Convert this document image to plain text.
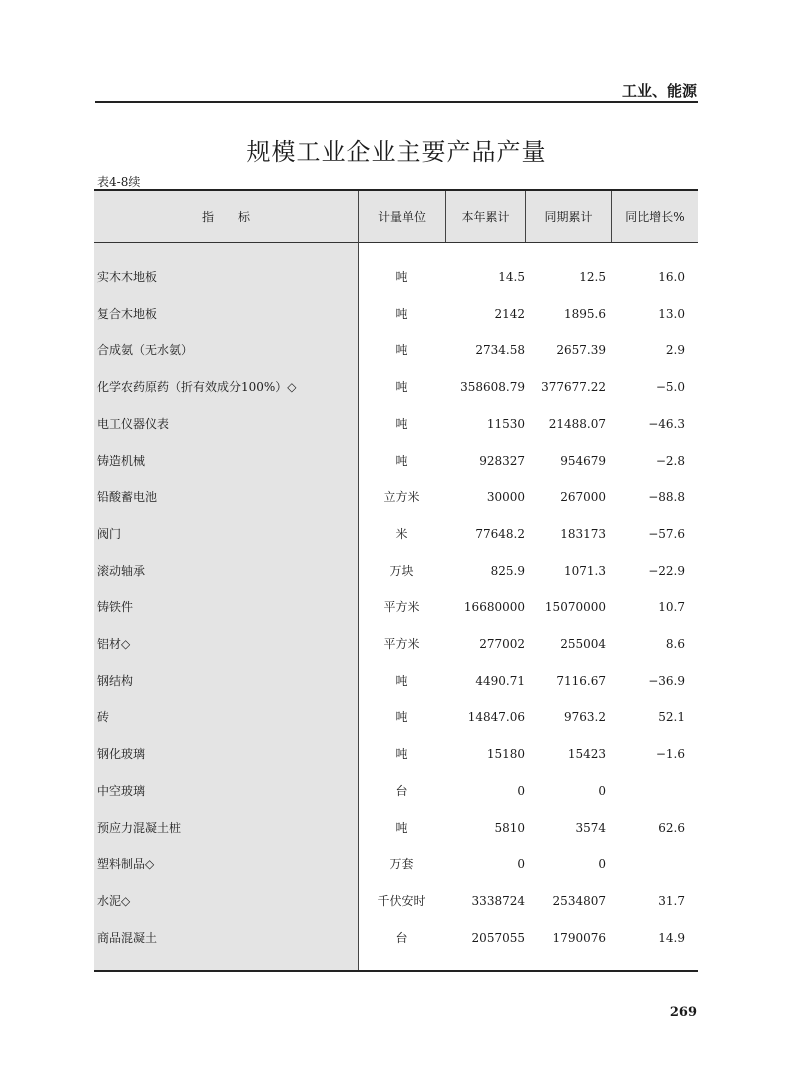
工业、能源
规模工业企业主要产品产量
表4-8续
指　　标	计量单位	本年累计	同期累计	同比增长%
实木木地板	吨	14.5	12.5	16.0
复合木地板	吨	2142	1895.6	13.0
合成氨（无水氨）	吨	2734.58	2657.39	2.9
化学农药原药（折有效成分100%）◇	吨	358608.79	377677.22	−5.0
电工仪器仪表	吨	11530	21488.07	−46.3
铸造机械	吨	928327	954679	−2.8
铅酸蓄电池	立方米	30000	267000	−88.8
阀门	米	77648.2	183173	−57.6
滚动轴承	万块	825.9	1071.3	−22.9
铸铁件	平方米	16680000	15070000	10.7
铝材◇	平方米	277002	255004	8.6
钢结构	吨	4490.71	7116.67	−36.9
砖	吨	14847.06	9763.2	52.1
钢化玻璃	吨	15180	15423	−1.6
中空玻璃	台	0	0
预应力混凝土桩	吨	5810	3574	62.6
塑料制品◇	万套	0	0
水泥◇	千伏安时	3338724	2534807	31.7
商品混凝土	台	2057055	1790076	14.9
269
